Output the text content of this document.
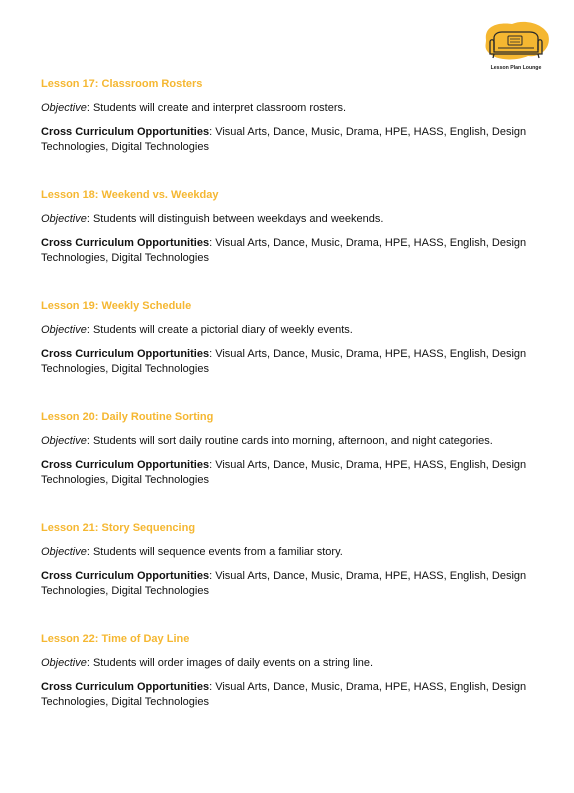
Lesson Plan Lounge

Lesson 17: Classroom Rosters

Objective: Students will create and interpret classroom rosters.

Cross Curriculum Opportunities: Visual Arts, Dance, Music, Drama, HPE, HASS, English, Design Technologies, Digital Technologies

Lesson 18: Weekend vs. Weekday

Objective: Students will distinguish between weekdays and weekends.

Cross Curriculum Opportunities: Visual Arts, Dance, Music, Drama, HPE, HASS, English, Design Technologies, Digital Technologies

Lesson 19: Weekly Schedule

Objective: Students will create a pictorial diary of weekly events.

Cross Curriculum Opportunities: Visual Arts, Dance, Music, Drama, HPE, HASS, English, Design Technologies, Digital Technologies

Lesson 20: Daily Routine Sorting

Objective: Students will sort daily routine cards into morning, afternoon, and night categories.

Cross Curriculum Opportunities: Visual Arts, Dance, Music, Drama, HPE, HASS, English, Design Technologies, Digital Technologies

Lesson 21: Story Sequencing

Objective: Students will sequence events from a familiar story.

Cross Curriculum Opportunities: Visual Arts, Dance, Music, Drama, HPE, HASS, English, Design Technologies, Digital Technologies

Lesson 22: Time of Day Line

Objective: Students will order images of daily events on a string line.

Cross Curriculum Opportunities: Visual Arts, Dance, Music, Drama, HPE, HASS, English, Design Technologies, Digital Technologies
